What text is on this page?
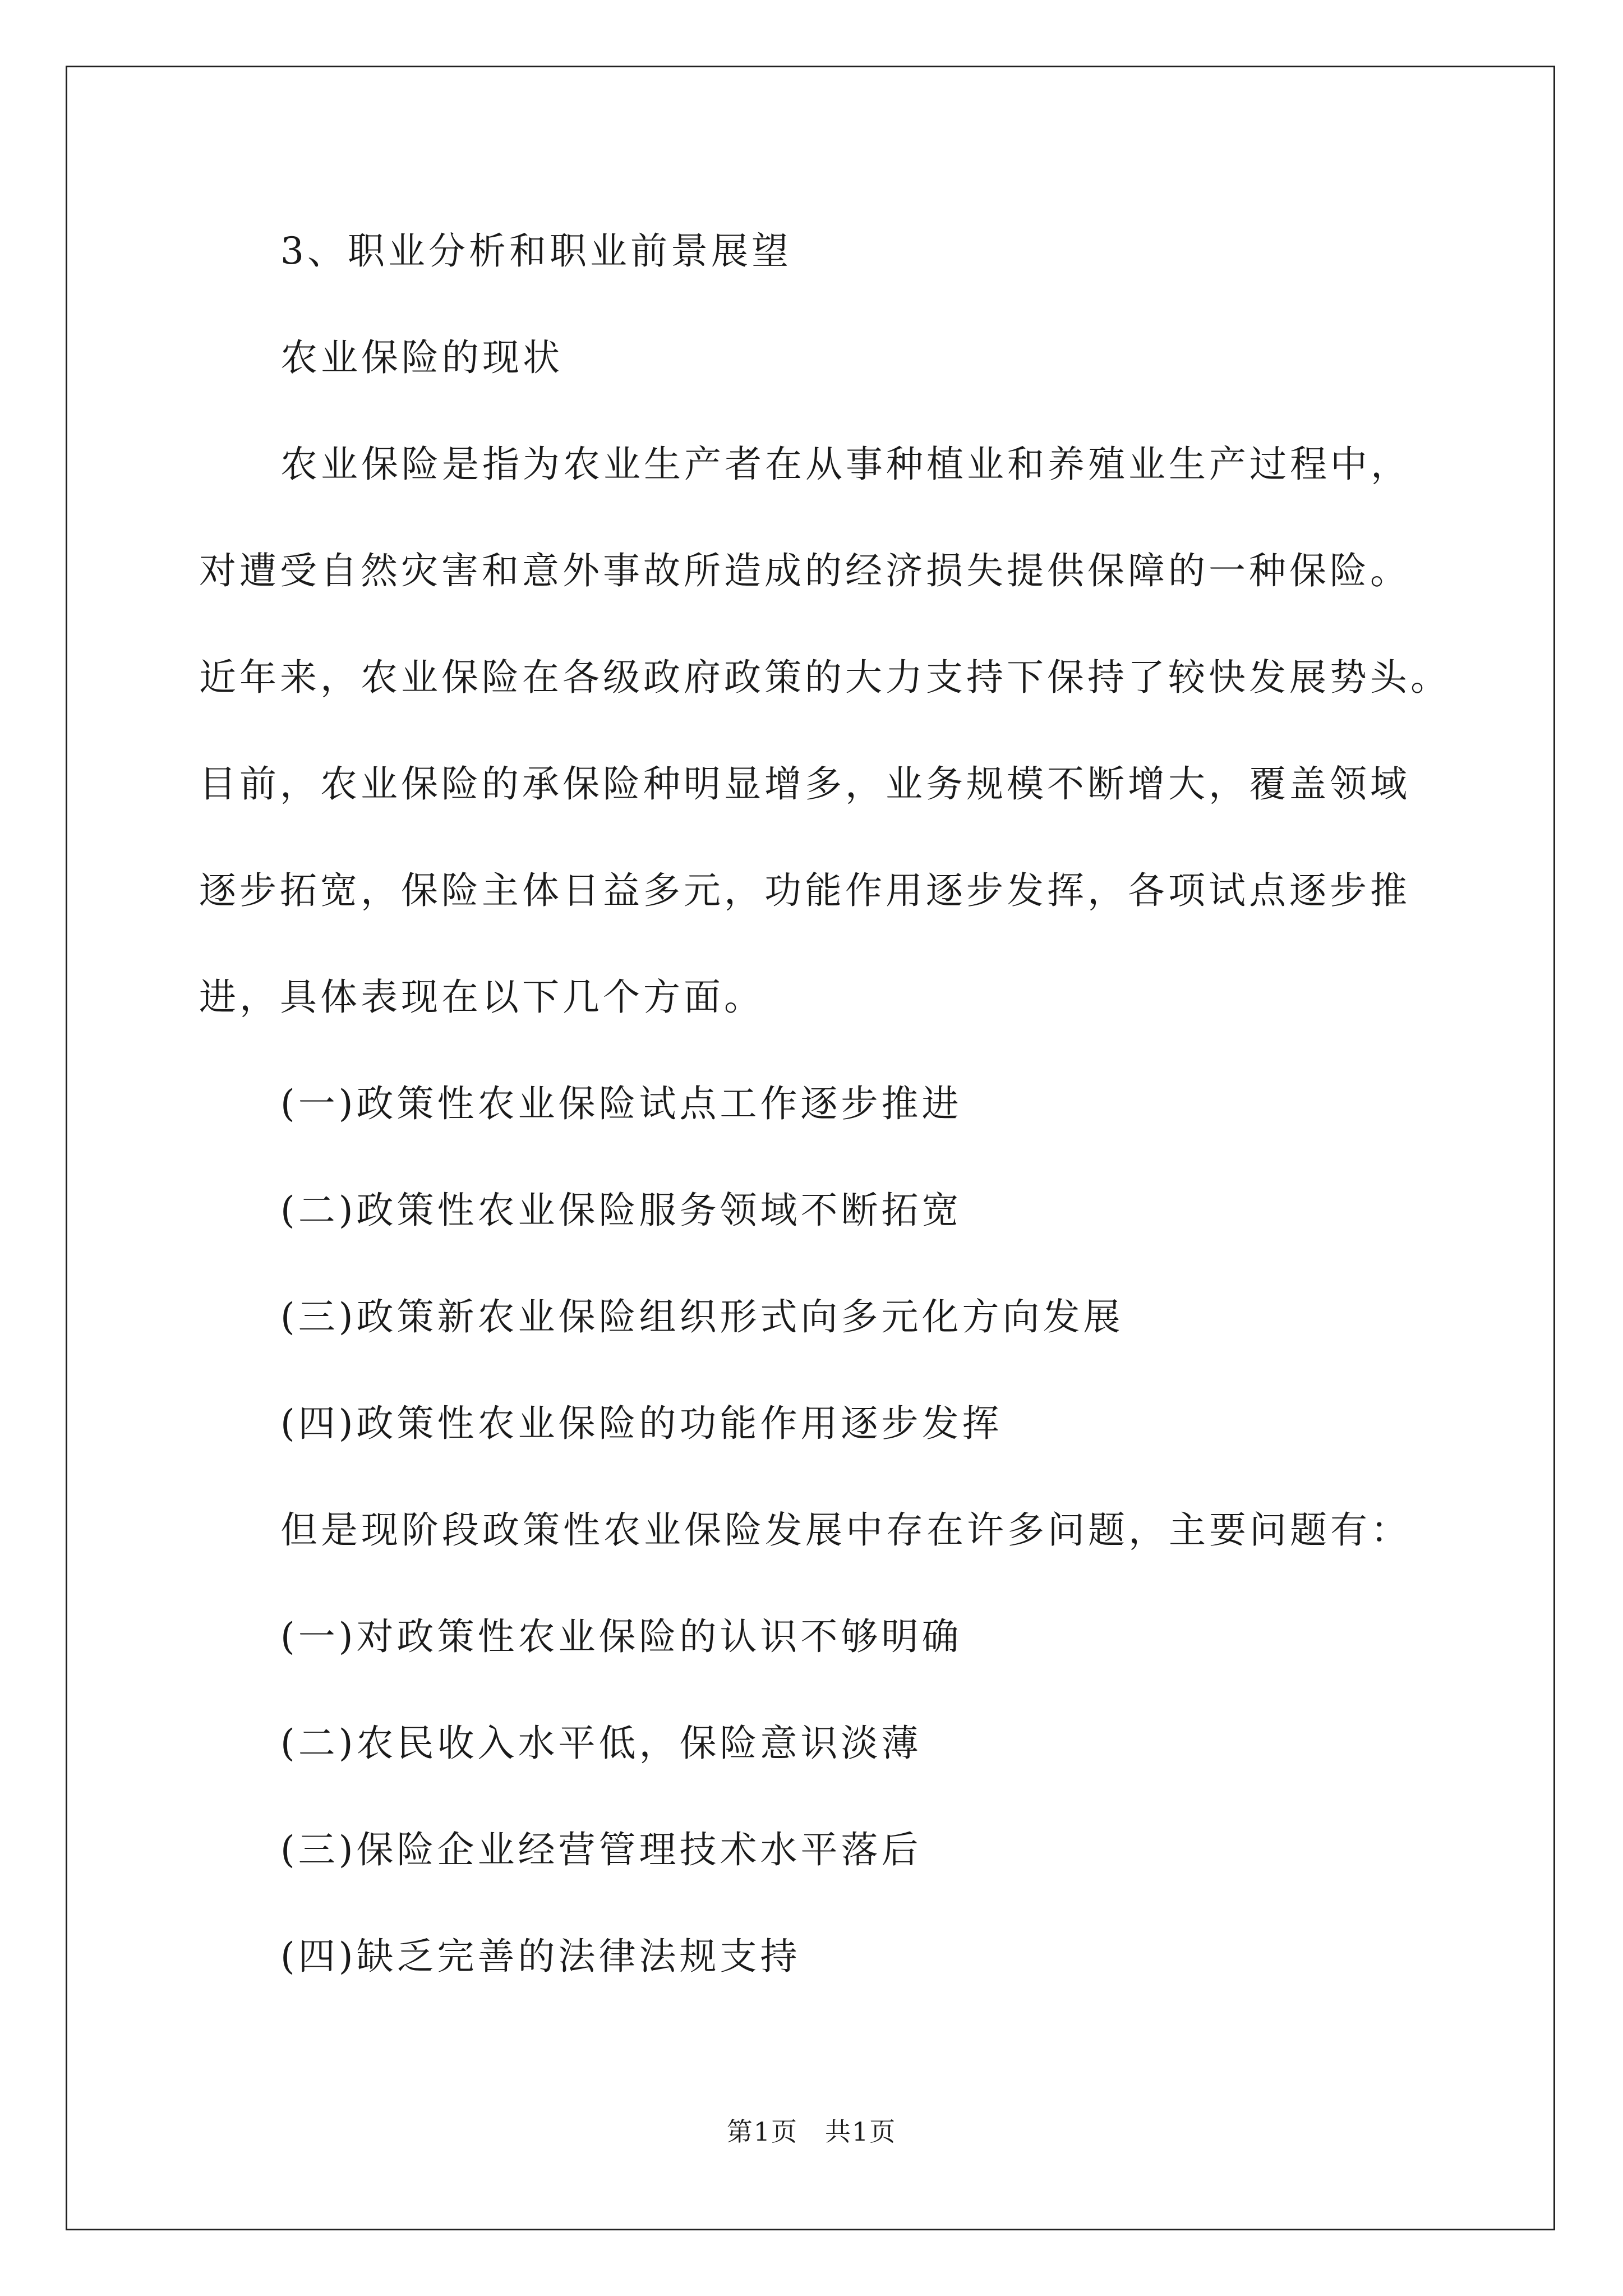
3、职业分析和职业前景展望
农业保险的现状
农业保险是指为农业生产者在从事种植业和养殖业生产过程中，
对遭受自然灾害和意外事故所造成的经济损失提供保障的一种保险。
近年来，农业保险在各级政府政策的大力支持下保持了较快发展势头。
目前，农业保险的承保险种明显增多，业务规模不断增大，覆盖领域
逐步拓宽，保险主体日益多元，功能作用逐步发挥，各项试点逐步推
进，具体表现在以下几个方面。
(一)政策性农业保险试点工作逐步推进
(二)政策性农业保险服务领域不断拓宽
(三)政策新农业保险组织形式向多元化方向发展
(四)政策性农业保险的功能作用逐步发挥
但是现阶段政策性农业保险发展中存在许多问题，主要问题有：
(一)对政策性农业保险的认识不够明确
(二)农民收入水平低，保险意识淡薄
(三)保险企业经营管理技术水平落后
(四)缺乏完善的法律法规支持
第1页　共1页
